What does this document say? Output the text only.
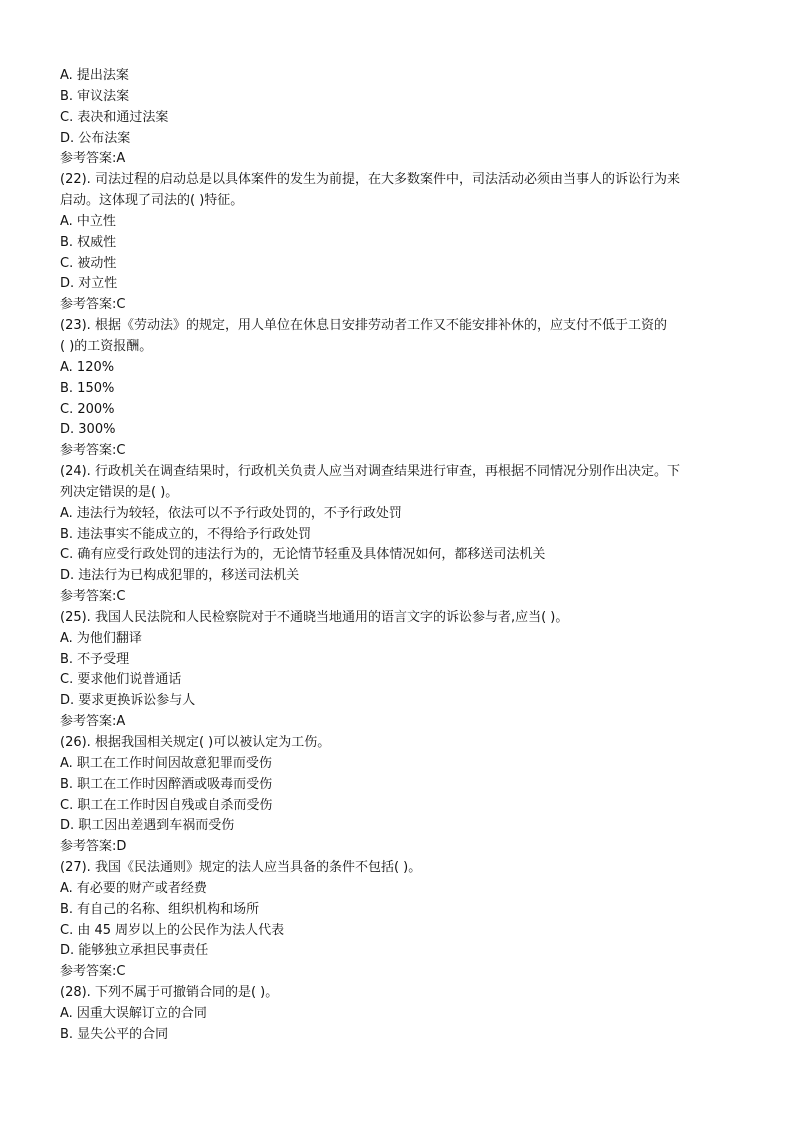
A. 提出法案
B. 审议法案
C. 表决和通过法案
D. 公布法案
参考答案:A
(22). 司法过程的启动总是以具体案件的发生为前提，在大多数案件中，司法活动必须由当事人的诉讼行为来
启动。这体现了司法的( )特征。
A. 中立性
B. 权威性
C. 被动性
D. 对立性
参考答案:C
(23). 根据《劳动法》的规定，用人单位在休息日安排劳动者工作又不能安排补休的，应支付不低于工资的
( )的工资报酬。
A. 120%
B. 150%
C. 200%
D. 300%
参考答案:C
(24). 行政机关在调查结果时，行政机关负责人应当对调查结果进行审查，再根据不同情况分别作出决定。下
列决定错误的是( )。
A. 违法行为较轻，依法可以不予行政处罚的，不予行政处罚
B. 违法事实不能成立的，不得给予行政处罚
C. 确有应受行政处罚的违法行为的，无论情节轻重及具体情况如何，都移送司法机关
D. 违法行为已构成犯罪的，移送司法机关
参考答案:C
(25). 我国人民法院和人民检察院对于不通晓当地通用的语言文字的诉讼参与者,应当( )。
A. 为他们翻译
B. 不予受理
C. 要求他们说普通话
D. 要求更换诉讼参与人
参考答案:A
(26). 根据我国相关规定( )可以被认定为工伤。
A. 职工在工作时间因故意犯罪而受伤
B. 职工在工作时因醉酒或吸毒而受伤
C. 职工在工作时因自残或自杀而受伤
D. 职工因出差遇到车祸而受伤
参考答案:D
(27). 我国《民法通则》规定的法人应当具备的条件不包括( )。
A. 有必要的财产或者经费
B. 有自己的名称、组织机构和场所
C. 由 45 周岁以上的公民作为法人代表
D. 能够独立承担民事责任
参考答案:C
(28). 下列不属于可撤销合同的是( )。
A. 因重大误解订立的合同
B. 显失公平的合同
